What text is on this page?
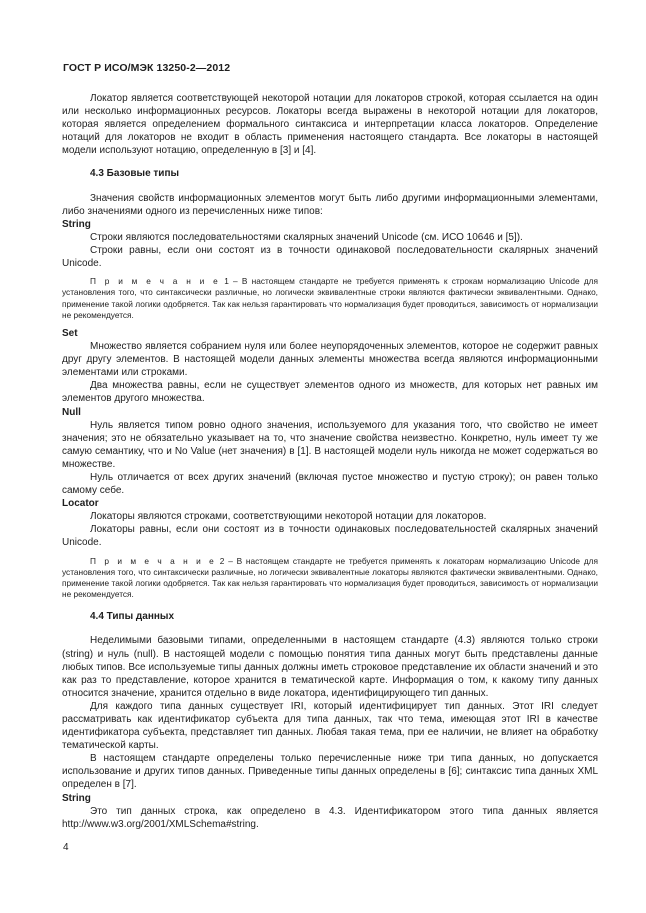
ГОСТ Р ИСО/МЭК 13250-2—2012

Локатор является соответствующей некоторой нотации для локаторов строкой, которая ссылается на один или несколько информационных ресурсов. Локаторы всегда выражены в некоторой нотации для локаторов, которая является определением формального синтаксиса и интерпретации класса локаторов. Определение нотаций для локаторов не входит в область применения настоящего стандарта. Все локаторы в настоящей модели используют нотацию, определенную в [3] и [4].

4.3 Базовые типы

Значения свойств информационных элементов могут быть либо другими информационными элементами, либо значениями одного из перечисленных ниже типов:

String

Строки являются последовательностями скалярных значений Unicode (см. ИСО 10646 и [5]).

Строки равны, если они состоят из в точности одинаковой последовательности скалярных значений Unicode.

П р и м е ч а н и е 1 – В настоящем стандарте не требуется применять к строкам нормализацию Unicode для установления того, что синтаксически различные, но логически эквивалентные строки являются фактически эквивалентными. Однако, применение такой логики одобряется. Так как нельзя гарантировать что нормализация будет проводиться, зависимость от нормализации не рекомендуется.

Set

Множество является собранием нуля или более неупорядоченных элементов, которое не содержит равных друг другу элементов. В настоящей модели данных элементы множества всегда являются информационными элементами или строками.

Два множества равны, если не существует элементов одного из множеств, для которых нет равных им элементов другого множества.

Null

Нуль является типом ровно одного значения, используемого для указания того, что свойство не имеет значения; это не обязательно указывает на то, что значение свойства неизвестно. Конкретно, нуль имеет ту же самую семантику, что и No Value (нет значения) в [1]. В настоящей модели нуль никогда не может содержаться во множестве.

Нуль отличается от всех других значений (включая пустое множество и пустую строку); он равен только самому себе.

Locator

Локаторы являются строками, соответствующими некоторой нотации для локаторов.

Локаторы равны, если они состоят из в точности одинаковых последовательностей скалярных значений Unicode.

П р и м е ч а н и е 2 – В настоящем стандарте не требуется применять к локаторам нормализацию Unicode для установления того, что синтаксически различные, но логически эквивалентные локаторы являются фактически эквивалентными. Однако, применение такой логики одобряется. Так как нельзя гарантировать что нормализация будет проводиться, зависимость от нормализации не рекомендуется.

4.4 Типы данных

Неделимыми базовыми типами, определенными в настоящем стандарте (4.3) являются только строки (string) и нуль (null). В настоящей модели с помощью понятия типа данных могут быть представлены данные любых типов. Все используемые типы данных должны иметь строковое представление их области значений и это как раз то представление, которое хранится в тематической карте. Информация о том, к какому типу данных относится значение, хранится отдельно в виде локатора, идентифицирующего тип данных.

Для каждого типа данных существует IRI, который идентифицирует тип данных. Этот IRI следует рассматривать как идентификатор субъекта для типа данных, так что тема, имеющая этот IRI в качестве идентификатора субъекта, представляет тип данных. Любая такая тема, при ее наличии, не влияет на обработку тематической карты.

В настоящем стандарте определены только перечисленные ниже три типа данных, но допускается использование и других типов данных. Приведенные типы данных определены в [6]; синтаксис типа данных XML определен в [7].

String

Это тип данных строка, как определено в 4.3. Идентификатором этого типа данных является http://www.w3.org/2001/XMLSchema#string.

4
